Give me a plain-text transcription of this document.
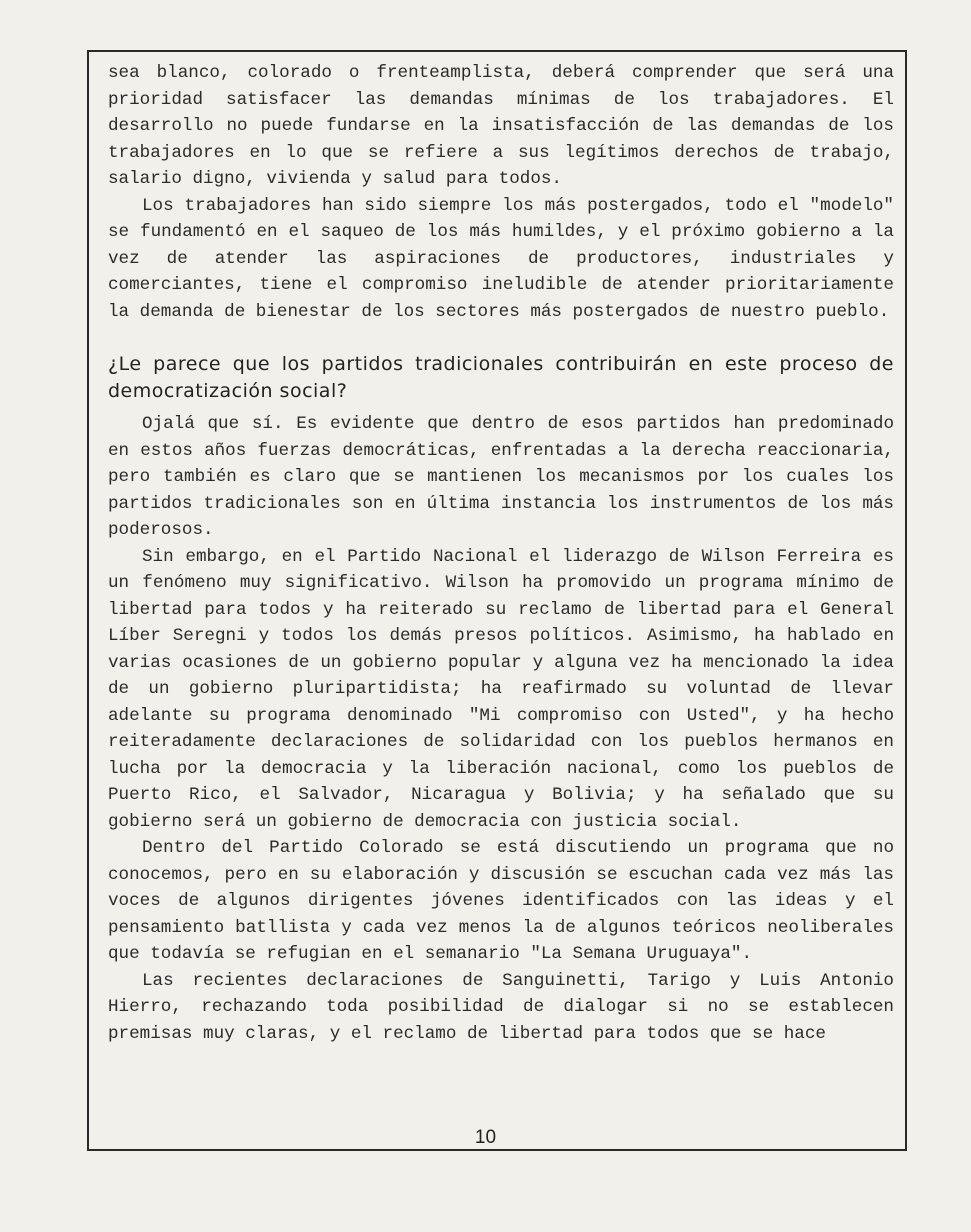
sea blanco, colorado o frenteamplista, deberá comprender que será una prioridad satisfacer las demandas mínimas de los trabajadores. El desarrollo no puede fundarse en la insatisfacción de las demandas de los trabajadores en lo que se refiere a sus legítimos derechos de trabajo, salario digno, vivienda y salud para todos.

Los trabajadores han sido siempre los más postergados, todo el "modelo" se fundamentó en el saqueo de los más humildes, y el próximo gobierno a la vez de atender las aspiraciones de productores, industriales y comerciantes, tiene el compromiso ineludible de atender prioritariamente la demanda de bienestar de los sectores más postergados de nuestro pueblo.

¿Le parece que los partidos tradicionales contribuirán en este proceso de democratización social?

Ojalá que sí. Es evidente que dentro de esos partidos han predominado en estos años fuerzas democráticas, enfrentadas a la derecha reaccionaria, pero también es claro que se mantienen los mecanismos por los cuales los partidos tradicionales son en última instancia los instrumentos de los más poderosos.

Sin embargo, en el Partido Nacional el liderazgo de Wilson Ferreira es un fenómeno muy significativo. Wilson ha promovido un programa mínimo de libertad para todos y ha reiterado su reclamo de libertad para el General Líber Seregni y todos los demás presos políticos. Asimismo, ha hablado en varias ocasiones de un gobierno popular y alguna vez ha mencionado la idea de un gobierno pluripartidista; ha reafirmado su voluntad de llevar adelante su programa denominado "Mi compromiso con Usted", y ha hecho reiteradamente declaraciones de solidaridad con los pueblos hermanos en lucha por la democracia y la liberación nacional, como los pueblos de Puerto Rico, el Salvador, Nicaragua y Bolivia; y ha señalado que su gobierno será un gobierno de democracia con justicia social.

Dentro del Partido Colorado se está discutiendo un programa que no conocemos, pero en su elaboración y discusión se escuchan cada vez más las voces de algunos dirigentes jóvenes identificados con las ideas y el pensamiento batllista y cada vez menos la de algunos teóricos neoliberales que todavía se refugian en el semanario "La Semana Uruguaya".

Las recientes declaraciones de Sanguinetti, Tarigo y Luis Antonio Hierro, rechazando toda posibilidad de dialogar si no se establecen premisas muy claras, y el reclamo de libertad para todos que se hace

10
